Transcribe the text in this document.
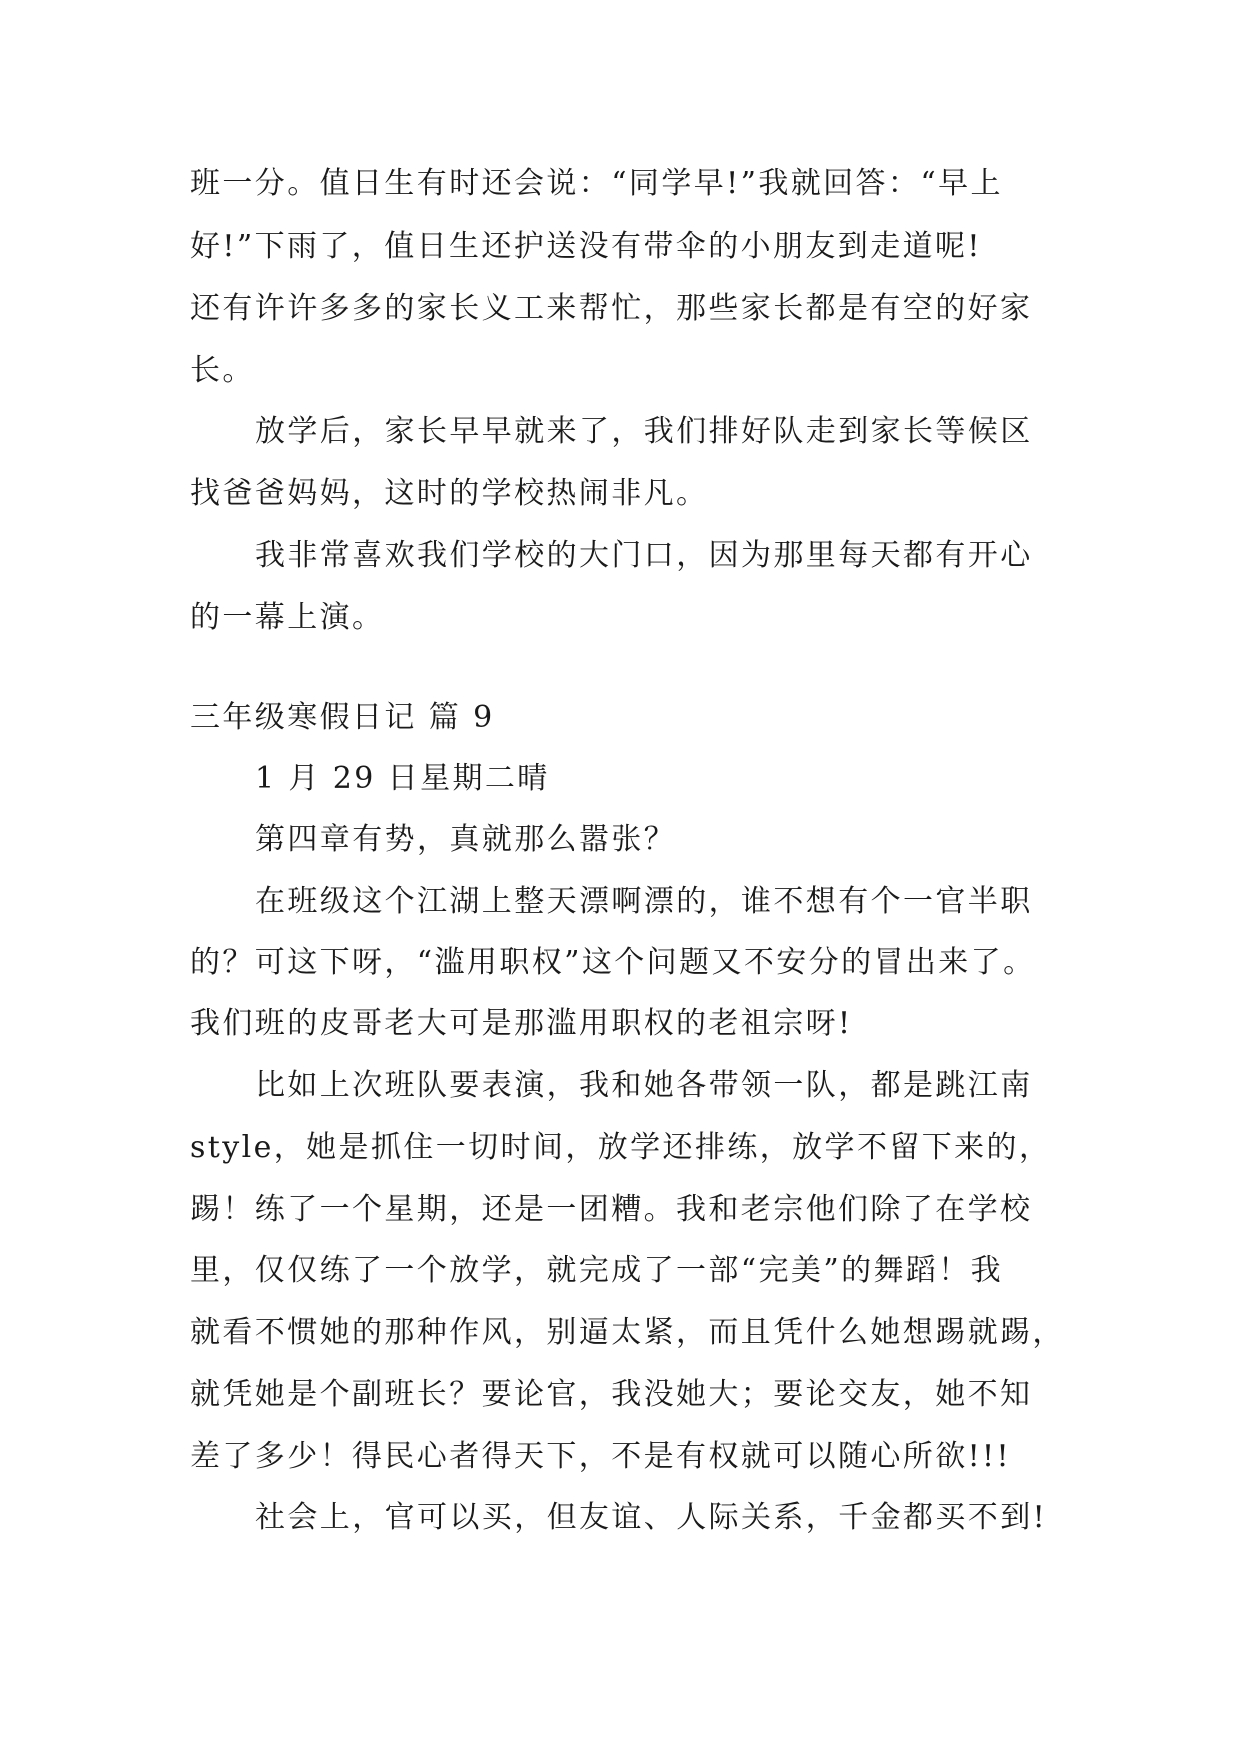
班一分。值日生有时还会说：“同学早!”我就回答：“早上

好!”下雨了，值日生还护送没有带伞的小朋友到走道呢!

还有许许多多的家长义工来帮忙，那些家长都是有空的好家

长。

放学后，家长早早就来了，我们排好队走到家长等候区

找爸爸妈妈，这时的学校热闹非凡。

我非常喜欢我们学校的大门口，因为那里每天都有开心

的一幕上演。

三年级寒假日记 篇 9

1 月 29 日星期二晴

第四章有势，真就那么嚣张？

在班级这个江湖上整天漂啊漂的，谁不想有个一官半职

的？可这下呀，“滥用职权”这个问题又不安分的冒出来了。

我们班的皮哥老大可是那滥用职权的老祖宗呀!

比如上次班队要表演，我和她各带领一队，都是跳江南

style，她是抓住一切时间，放学还排练，放学不留下来的，

踢！练了一个星期，还是一团糟。我和老宗他们除了在学校

里，仅仅练了一个放学，就完成了一部“完美”的舞蹈！我

就看不惯她的那种作风，别逼太紧，而且凭什么她想踢就踢，

就凭她是个副班长？要论官，我没她大；要论交友，她不知

差了多少！得民心者得天下，不是有权就可以随心所欲!!!

社会上，官可以买，但友谊、人际关系，千金都买不到!
